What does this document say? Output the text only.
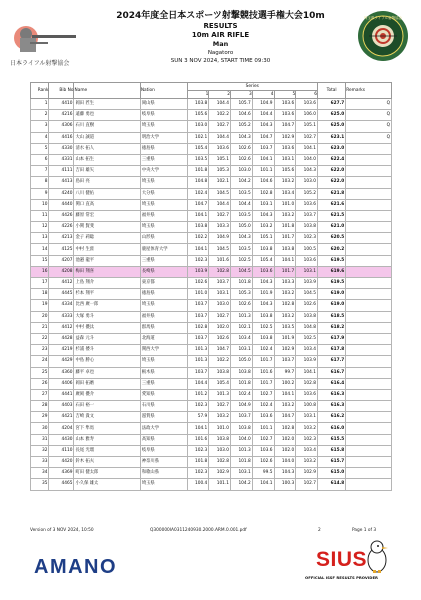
日本ライフル射撃協会
2024年度全日本スポーツ射撃競技選手権大会10m
RESULTS
10m AIR RIFLE
Man
Nagatoro
SUN 3 NOV 2024, START TIME 09:30
埼玉県ライフル射撃協会
Rank	Bib No	Name	Nation	Series						Total	Remarks
				1	2	3	4	5	6		
1	4410	岡田 匠生	岡山県	103.8	104.4	105.7	104.9	103.6	103.6	627.7	Q
2	4216	遠藤 勇也	岐阜県	105.6	102.2	104.6	104.4	103.6	106.0	625.0	Q
3	4306	石川 直樹	埼玉県	103.0	102.7	105.2	104.3	104.7	105.1	625.0	Q
4	4416	大山 誠道	明治大学	102.1	104.4	104.3	104.7	102.9	102.7	623.1	Q
5	4330	清水 拓人	徳島県	105.4	103.6	102.6	103.7	103.6	104.1	623.0	
6	4331	山本 拓生	三重県	103.5	105.1	102.6	104.1	103.1	104.0	622.4	
7	4111	吉田 雄矢	中央大学	101.8	105.3	103.0	101.1	105.6	104.3	622.0	
8	4413	島田 亮	埼玉県	104.8	102.1	104.2	104.6	103.2	103.0	622.0	
9	4240	八川 健佑	大分県	102.4	104.5	103.5	102.8	103.4	105.2	621.8	
10	4440	関口 直高	埼玉県	104.7	104.4	104.4	103.1	101.0	103.6	621.6	
11	4426	藤原 常宏	福井県	104.1	102.7	103.5	104.3	103.2	103.7	621.5	
12	4226	小関 賢斐	埼玉県	103.8	103.3	105.0	103.2	101.8	103.8	621.0	
13	4213	金子 莉聡	山形県	102.2	104.9	104.3	105.1	101.7	102.3	620.5	
14	4125	中村 生涯	鹿屋体育大学	104.1	104.5	103.5	103.8	103.8	100.5	620.2	
15	4207	池邉 龍平	三重県	102.3	101.6	102.5	105.4	104.1	103.6	619.5	
16	4208	梅田 翔喜	長崎県	103.9	102.8	104.5	103.6	101.7	103.1	619.6	
17	4412	上島 翔介	東京都	102.6	103.7	101.8	104.3	103.3	103.9	619.5	
18	4445	杉本 翔平	徳島県	101.0	103.1	105.3	101.9	103.2	104.5	619.0	
19	4334	比西 廣一郎	埼玉県	103.7	103.0	102.6	104.3	102.8	102.6	619.0	
20	4333	大塚 勇斗	福井県	103.7	102.7	101.3	103.8	103.2	103.8	618.5	
21	4412	中村 優汰	群馬県	102.8	102.0	102.1	102.5	103.5	104.8	618.2	
22	4428	益森 元斗	北海道	103.7	102.6	103.4	103.8	101.9	102.5	617.9	
23	4219	杉浦 倭斗	関西大学	101.3	104.7	103.1	102.4	102.9	103.4	617.8	
24	4429	中島 勝心	埼玉県	101.3	102.2	105.0	101.7	103.7	103.9	617.7	
25	4360	藤平 卓也	栃木県	103.7	103.8	103.8	101.6	99.7	104.1	616.7	
26	4406	岡田 拓磨	三重県	104.4	105.4	101.8	101.7	100.2	102.8	616.4	
27	4441	廣岡 優介	愛知県	101.2	101.3	102.4	102.7	104.1	103.6	616.3	
28	4403	石田 裕一	石川県	102.3	102.7	104.9	102.4	103.2	100.8	616.3	
29	4421	吉崎 貴文	滋賀県	57.9	103.2	103.7	103.6	104.7	103.1	616.2	
30	4204	宮下 隼馬	法政大学	104.1	101.0	103.8	101.1	102.8	103.2	616.0	
31	4430	山本 雅寿	高知県	101.6	103.8	104.0	102.7	102.0	102.3	615.5	
32	4110	長尾 光瑠	岐阜県	102.3	103.0	101.3	103.6	102.0	103.4	615.8	
33	4420	鈴木 拓夫	神奈川県	101.8	102.8	101.8	102.6	104.0	103.2	615.7	
34	4369	町田 健太郎	和歌山県	102.3	102.9	103.1	99.5	104.3	102.9	615.0	
35	4465	小久保 雄太	埼玉県	100.4	101.1	104.2	104.1	100.3	102.7	614.8	
Version of 3 NOV 2024, 10:50	Q300000IA0311240930.2000.ARM.0.001.pdf	2	Page 1 of 3
AMANO	SIUS
OFFICIAL ISSF RESULTS PROVIDER
